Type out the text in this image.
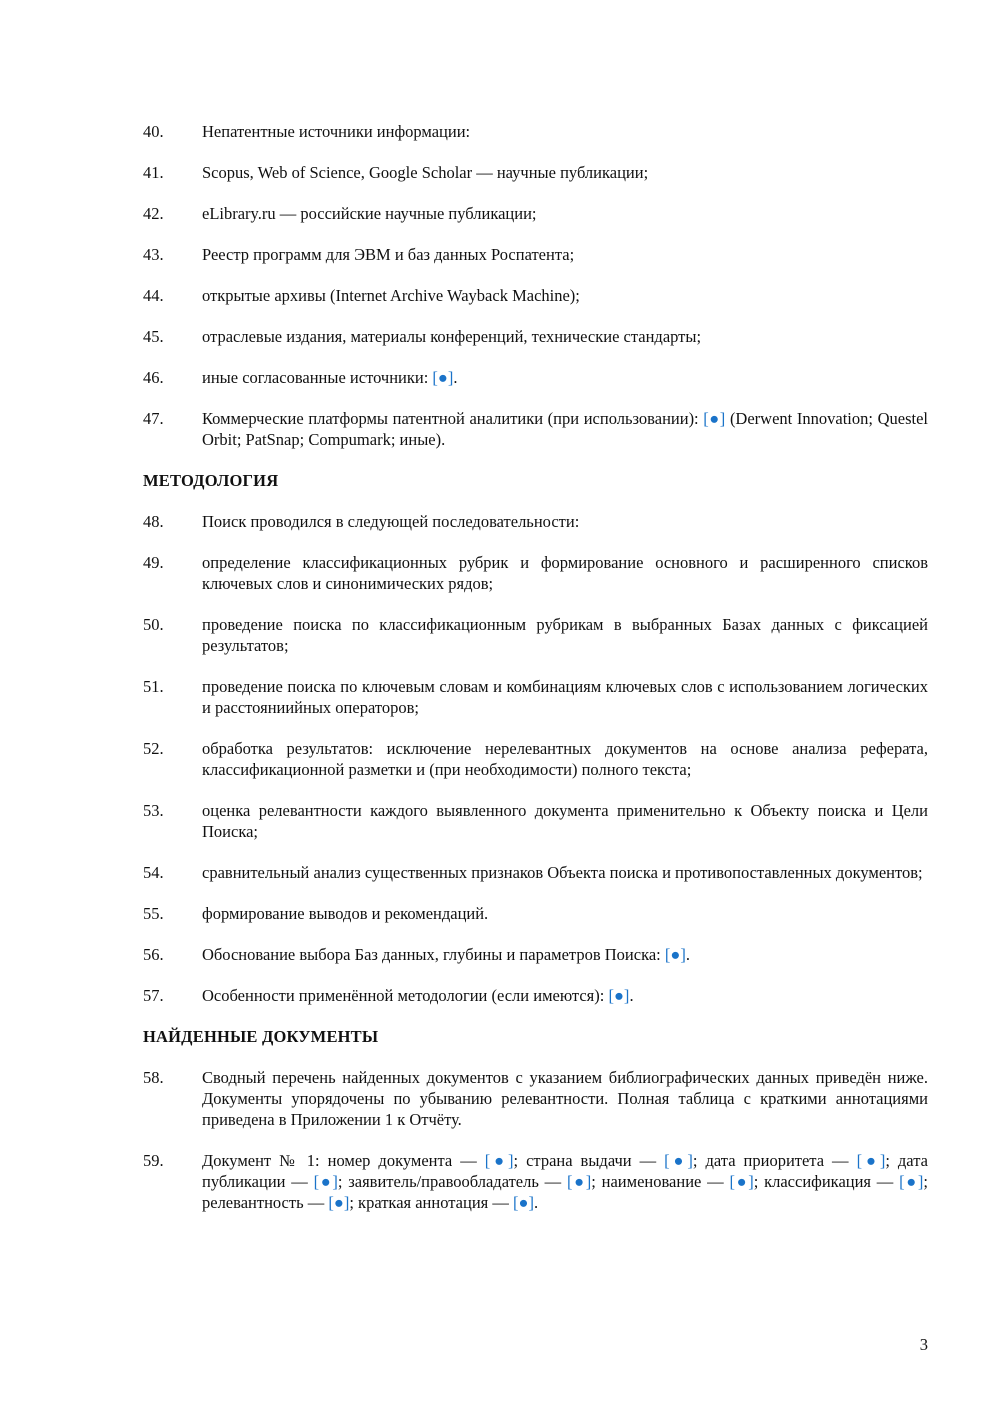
40.	Непатентные источники информации:
41.	Scopus, Web of Science, Google Scholar — научные публикации;
42.	eLibrary.ru — российские научные публикации;
43.	Реестр программ для ЭВМ и баз данных Роспатента;
44.	открытые архивы (Internet Archive Wayback Machine);
45.	отраслевые издания, материалы конференций, технические стандарты;
46.	иные согласованные источники: [●].
47.	Коммерческие платформы патентной аналитики (при использовании): [●] (Derwent Innovation; Questel Orbit; PatSnap; Compumark; иные).
МЕТОДОЛОГИЯ
48.	Поиск проводился в следующей последовательности:
49.	определение классификационных рубрик и формирование основного и расширенного списков ключевых слов и синонимических рядов;
50.	проведение поиска по классификационным рубрикам в выбранных Базах данных с фиксацией результатов;
51.	проведение поиска по ключевым словам и комбинациям ключевых слов с использованием логических и расстояниийных операторов;
52.	обработка результатов: исключение нерелевантных документов на основе анализа реферата, классификационной разметки и (при необходимости) полного текста;
53.	оценка релевантности каждого выявленного документа применительно к Объекту поиска и Цели Поиска;
54.	сравнительный анализ существенных признаков Объекта поиска и противопоставленных документов;
55.	формирование выводов и рекомендаций.
56.	Обоснование выбора Баз данных, глубины и параметров Поиска: [●].
57.	Особенности применённой методологии (если имеются): [●].
НАЙДЕННЫЕ ДОКУМЕНТЫ
58.	Сводный перечень найденных документов с указанием библиографических данных приведён ниже. Документы упорядочены по убыванию релевантности. Полная таблица с краткими аннотациями приведена в Приложении 1 к Отчёту.
59.	Документ № 1: номер документа — [●]; страна выдачи — [●]; дата приоритета — [●]; дата публикации — [●]; заявитель/правообладатель — [●]; наименование — [●]; классификация — [●]; релевантность — [●]; краткая аннотация — [●].
3
